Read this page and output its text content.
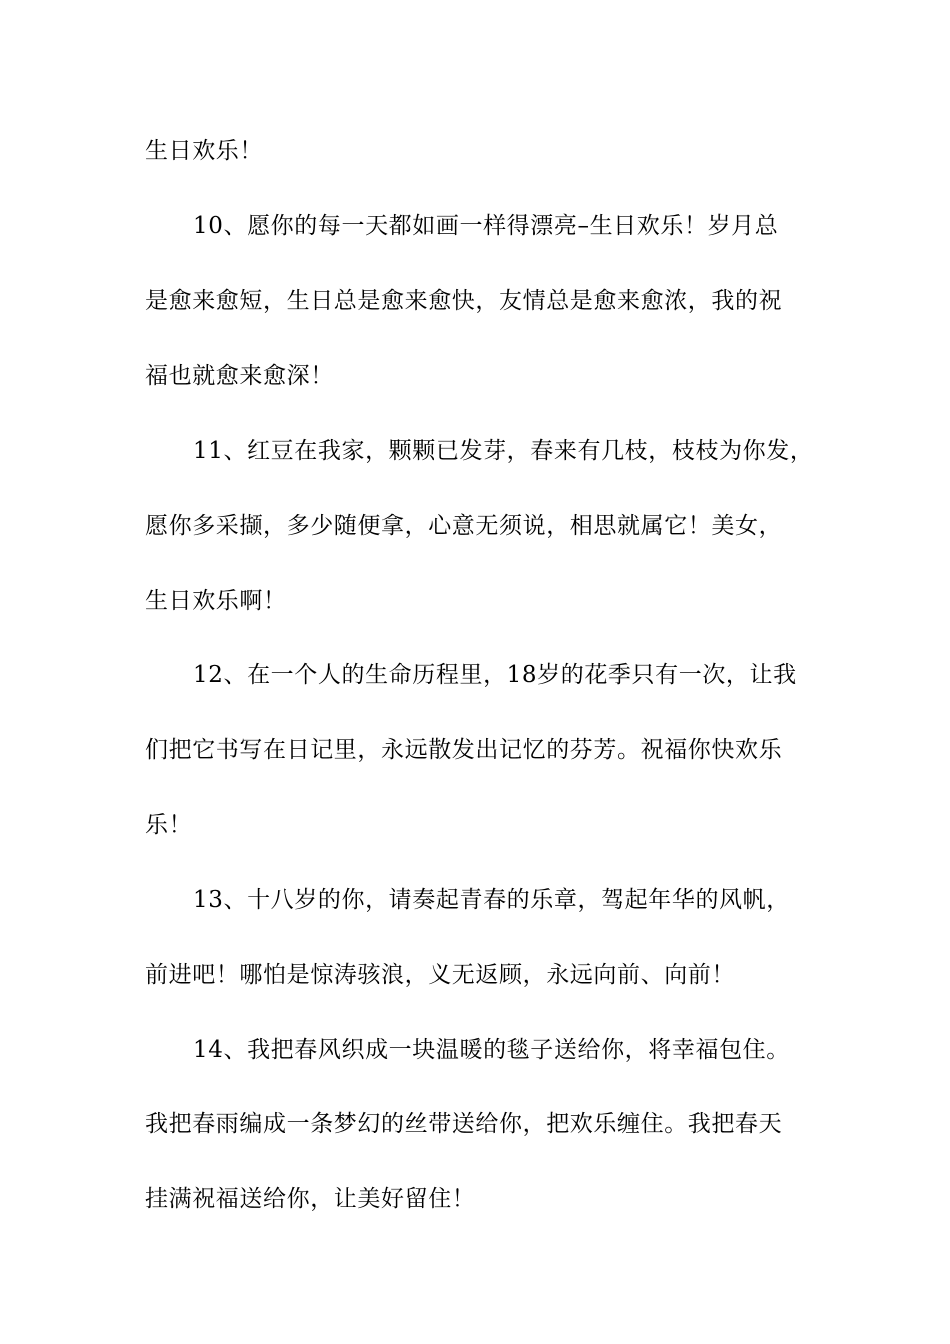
生日欢乐！
10、愿你的每一天都如画一样得漂亮–生日欢乐！岁月总
是愈来愈短，生日总是愈来愈快，友情总是愈来愈浓，我的祝
福也就愈来愈深！
11、红豆在我家，颗颗已发芽，春来有几枝，枝枝为你发，
愿你多采撷，多少随便拿，心意无须说，相思就属它！美女，
生日欢乐啊！
12、在一个人的生命历程里，18岁的花季只有一次，让我
们把它书写在日记里，永远散发出记忆的芬芳。祝福你快欢乐
乐！
13、十八岁的你，请奏起青春的乐章，驾起年华的风帆，
前进吧！哪怕是惊涛骇浪，义无返顾，永远向前、向前！
14、我把春风织成一块温暖的毯子送给你，将幸福包住。
我把春雨编成一条梦幻的丝带送给你，把欢乐缠住。我把春天
挂满祝福送给你，让美好留住！
